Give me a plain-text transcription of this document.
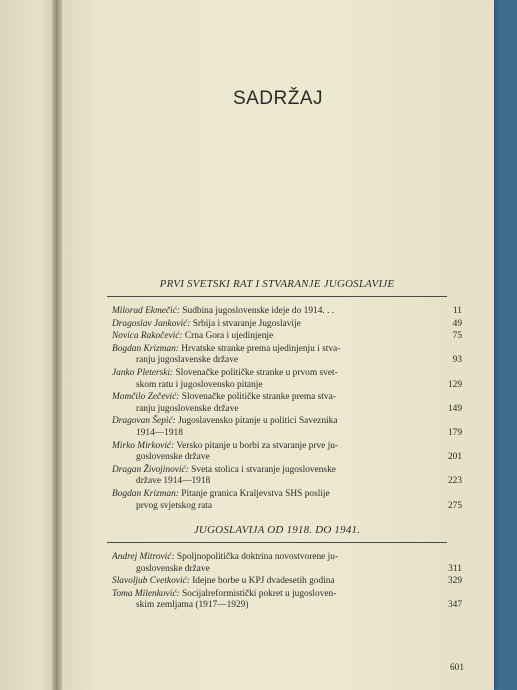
SADRŽAJ
PRVI SVETSKI RAT I STVARANJE JUGOSLAVIJE
Milorad Ekmečić: Sudbina jugoslovenske ideje do 1914. . .	11
Dragoslav Janković: Srbija i stvaranje Jugoslavije	49
Novica Rakočević: Crna Gora i ujedinjenje	75
Bogdan Krizman: Hrvatske stranke prema ujedinjenju i stva-
ranju jugoslavenske države	93
Janko Pleterski: Slovenačke političke stranke u prvom svet-
skom ratu i jugoslovensko pitanje	129
Momčilo Zečević: Slovenačke političke stranke prema stva-
ranju jugoslovenske države	149
Dragovan Šepić: Jugoslavensko pitanje u politici Saveznika
1914—1918	179
Mirko Mirković: Versko pitanje u borbi za stvaranje prve ju-
goslovenske države	201
Dragan Živojinović: Sveta stolica i stvaranje jugoslovenske
države 1914—1918	223
Bogdan Krizman: Pitanje granica Kraljevstva SHS poslije
prvog svjetskog rata	275
JUGOSLAVIJA OD 1918. DO 1941.
Andrej Mitrović: Spoljnopolitička doktrina novostvorene ju-
goslovenske države	311
Slavoljub Cvetković: Idejne borbe u KPJ dvadesetih godina	329
Toma Milenković: Socijalreformistički pokret u jugosloven-
skim zemljama (1917—1929)	347
601
